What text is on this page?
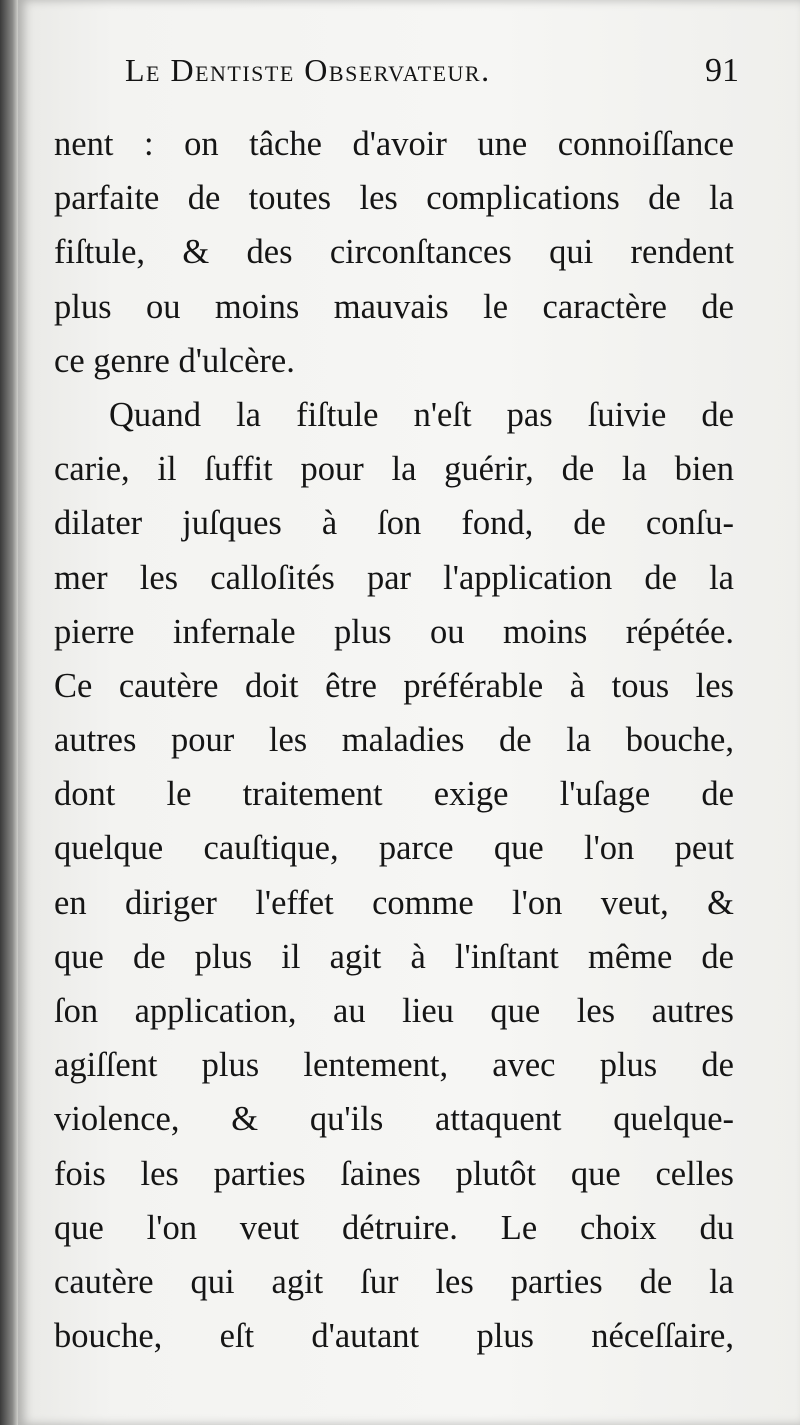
Le Dentiste Observateur.	91
nent : on tâche d'avoir une connoiſſance
parfaite de toutes les complications de la
fiſtule, & des circonſtances qui rendent
plus ou moins mauvais le caractère de
ce genre d'ulcère.
Quand la fiſtule n'eſt pas ſuivie de
carie, il ſuffit pour la guérir, de la bien
dilater juſques à ſon fond, de conſu-
mer les calloſités par l'application de la
pierre infernale plus ou moins répétée.
Ce cautère doit être préférable à tous les
autres pour les maladies de la bouche,
dont le traitement exige l'uſage de
quelque cauſtique, parce que l'on peut
en diriger l'effet comme l'on veut, &
que de plus il agit à l'inſtant même de
ſon application, au lieu que les autres
agiſſent plus lentement, avec plus de
violence, & qu'ils attaquent quelque-
fois les parties ſaines plutôt que celles
que l'on veut détruire. Le choix du
cautère qui agit ſur les parties de la
bouche, eſt d'autant plus néceſſaire,
